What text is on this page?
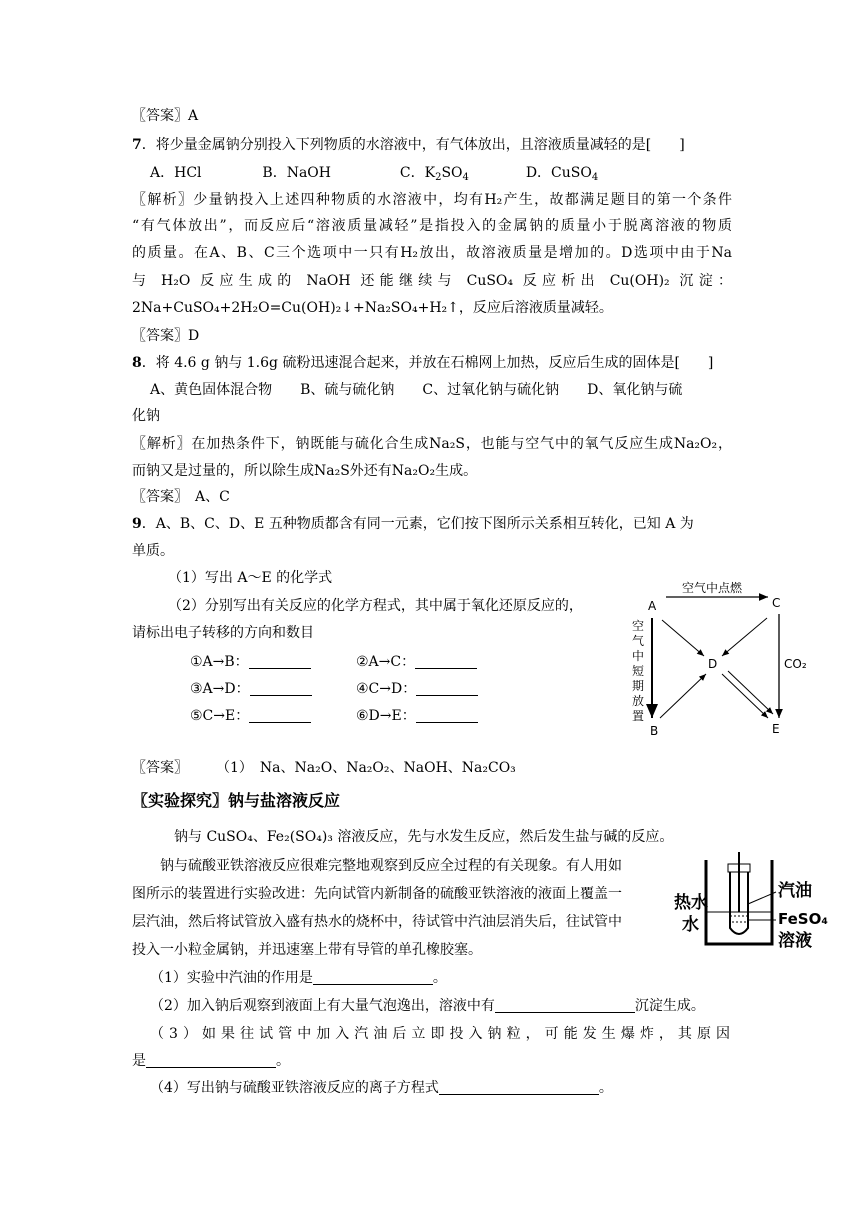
〖答案〗A
7．将少量金属钠分别投入下列物质的水溶液中，有气体放出，且溶液质量减轻的是[　　]
A．HCl	B．NaOH	C．$K_2SO_4$	D．CuSO$_4$
〖解析〗少量钠投入上述四种物质的水溶液中，均有H₂产生，故都满足题目的第一个条件
“有气体放出”，而反应后“溶液质量减轻”是指投入的金属钠的质量小于脱离溶液的物质
的质量。在A、B、C三个选项中一只有H₂放出，故溶液质量是增加的。D选项中由于Na
与 H₂O 反应生成的 NaOH 还能继续与 CuSO₄ 反应析出 Cu(OH)₂ 沉淀：
2Na+CuSO₄+2H₂O=Cu(OH)₂↓+Na₂SO₄+H₂↑，反应后溶液质量减轻。
〖答案〗D
8．将 4.6 g 钠与 1.6g 硫粉迅速混合起来，并放在石棉网上加热，反应后生成的固体是[　　]
A、黄色固体混合物　　B、硫与硫化钠　　C、过氧化钠与硫化钠　　D、氧化钠与硫
化钠
〖解析〗在加热条件下，钠既能与硫化合生成Na₂S，也能与空气中的氧气反应生成Na₂O₂，
而钠又是过量的，所以除生成Na₂S外还有Na₂O₂生成。
〖答案〗　A、C
9．A、B、C、D、E 五种物质都含有同一元素，它们按下图所示关系相互转化，已知 A 为
单质。
（1）写出 A～E 的化学式
（2）分别写出有关反应的化学方程式，其中属于氧化还原反应的，
请标出电子转移的方向和数目
①A→B：	②A→C：
③A→D：	④C→D：
⑤C→E：	⑥D→E：
空气中点燃
A	C
空气中短期放置
CO₂
D
B	E
〖答案〗 （1）　Na、Na₂O、Na₂O₂、NaOH、Na₂CO₃
〖实验探究〗钠与盐溶液反应
钠与 CuSO₄、Fe₂(SO₄)₃ 溶液反应，先与水发生反应，然后发生盐与碱的反应。
钠与硫酸亚铁溶液反应很难完整地观察到反应全过程的有关现象。有人用如
图所示的装置进行实验改进：先向试管内新制备的硫酸亚铁溶液的液面上覆盖一
层汽油，然后将试管放入盛有热水的烧杯中，待试管中汽油层消失后，往试管中
投入一小粒金属钠，并迅速塞上带有导管的单孔橡胶塞。
热水
水
汽油
FeSO₄
溶液
（1）实验中汽油的作用是	。
（2）加入钠后观察到液面上有大量气泡逸出，溶液中有	沉淀生成。
（3）如果往试管中加入汽油后立即投入钠粒，可能发生爆炸，其原因
是	。
（4）写出钠与硫酸亚铁溶液反应的离子方程式	。
